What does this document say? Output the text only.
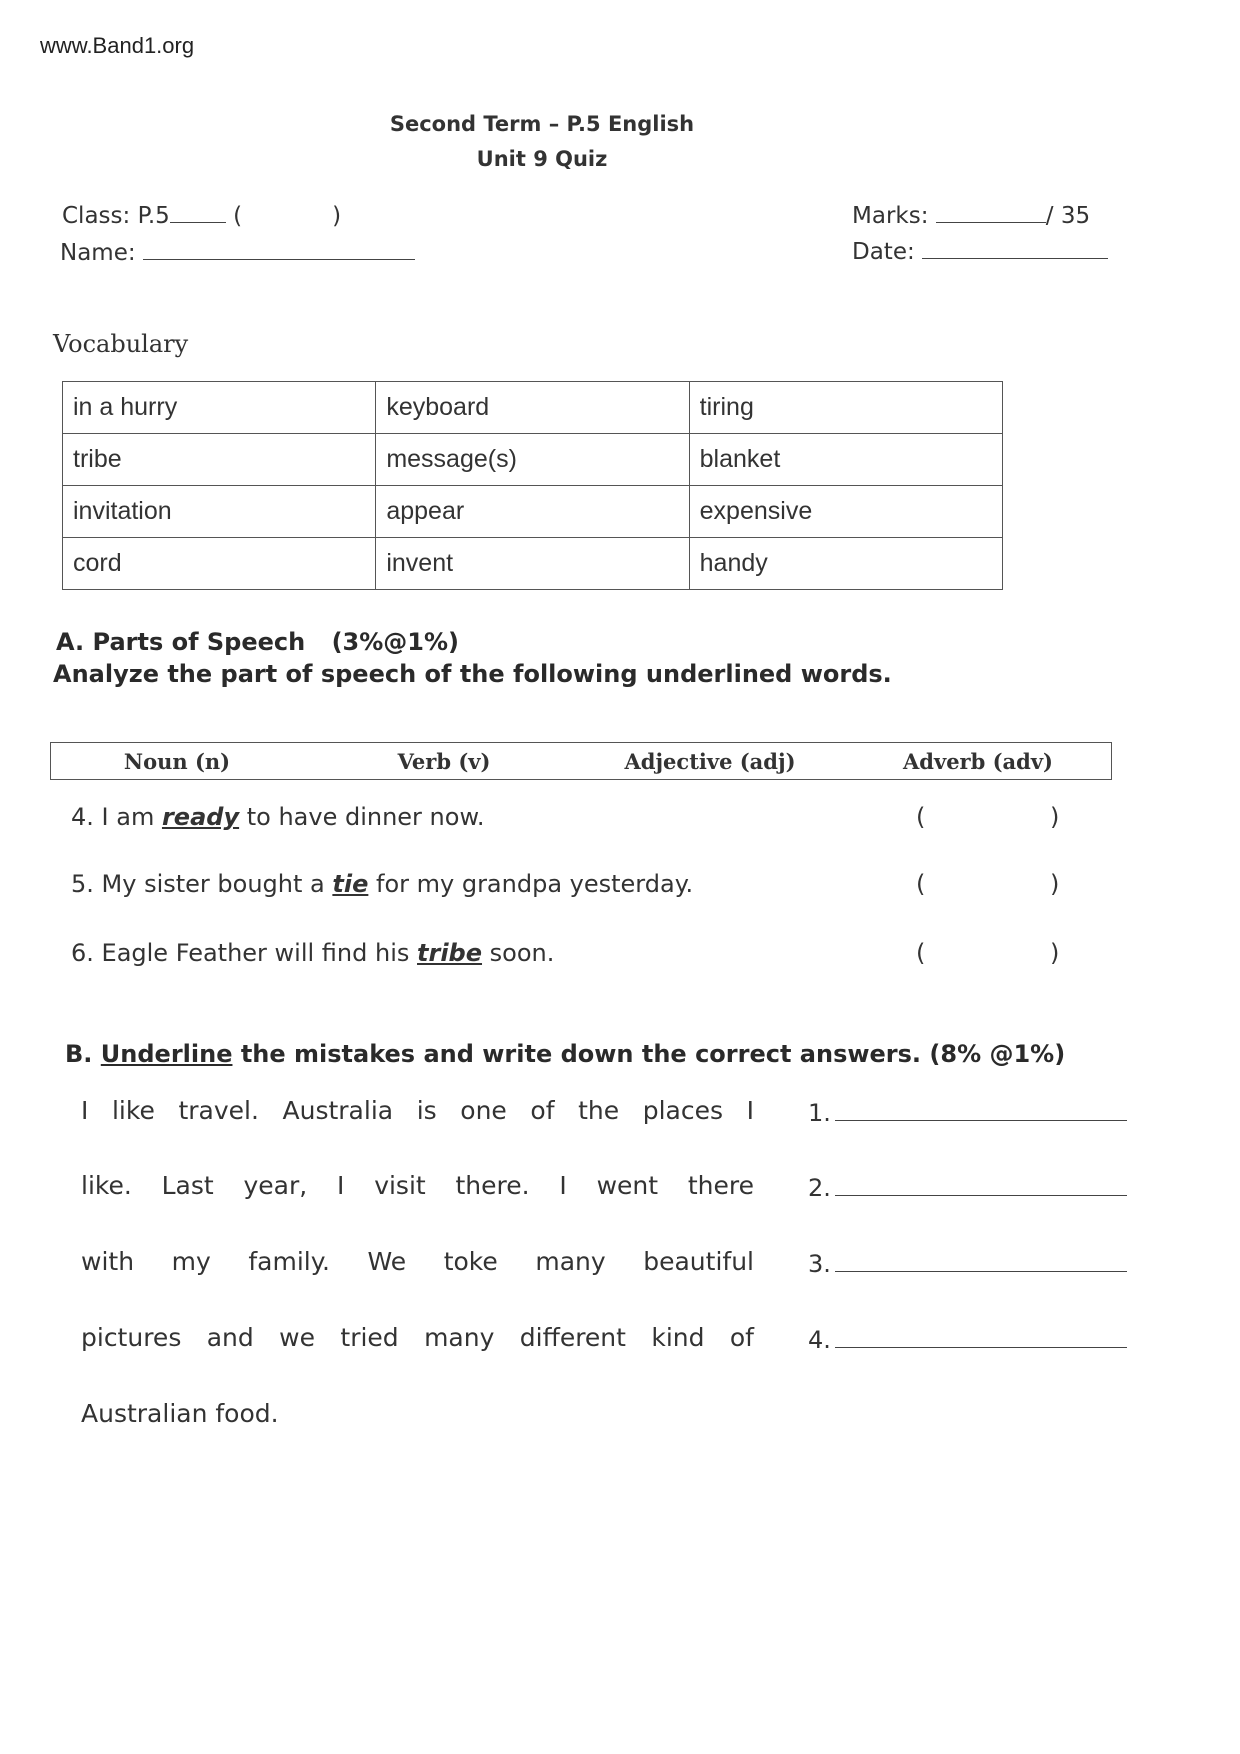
www.Band1.org
Second Term – P.5 English
Unit 9 Quiz
Class: P.5	(	)
Name:
Marks:	/ 35
Date:
Vocabulary
in a hurry	keyboard	tiring
tribe	message(s)	blanket
invitation	appear	expensive
cord	invent	handy
A. Parts of Speech (3%@1%)
Analyze the part of speech of the following underlined words.
Noun (n)	Verb (v)	Adjective (adj)	Adverb (adv)
4. I am ready to have dinner now.	(	)
5. My sister bought a tie for my grandpa yesterday.	(	)
6. Eagle Feather will find his tribe soon.	(	)
B. Underline the mistakes and write down the correct answers. (8% @1%)
I like travel. Australia is one of the places I
like. Last year, I visit there. I went there
with my family. We toke many beautiful
pictures and we tried many different kind of
Australian food.
1.
2.
3.
4.
